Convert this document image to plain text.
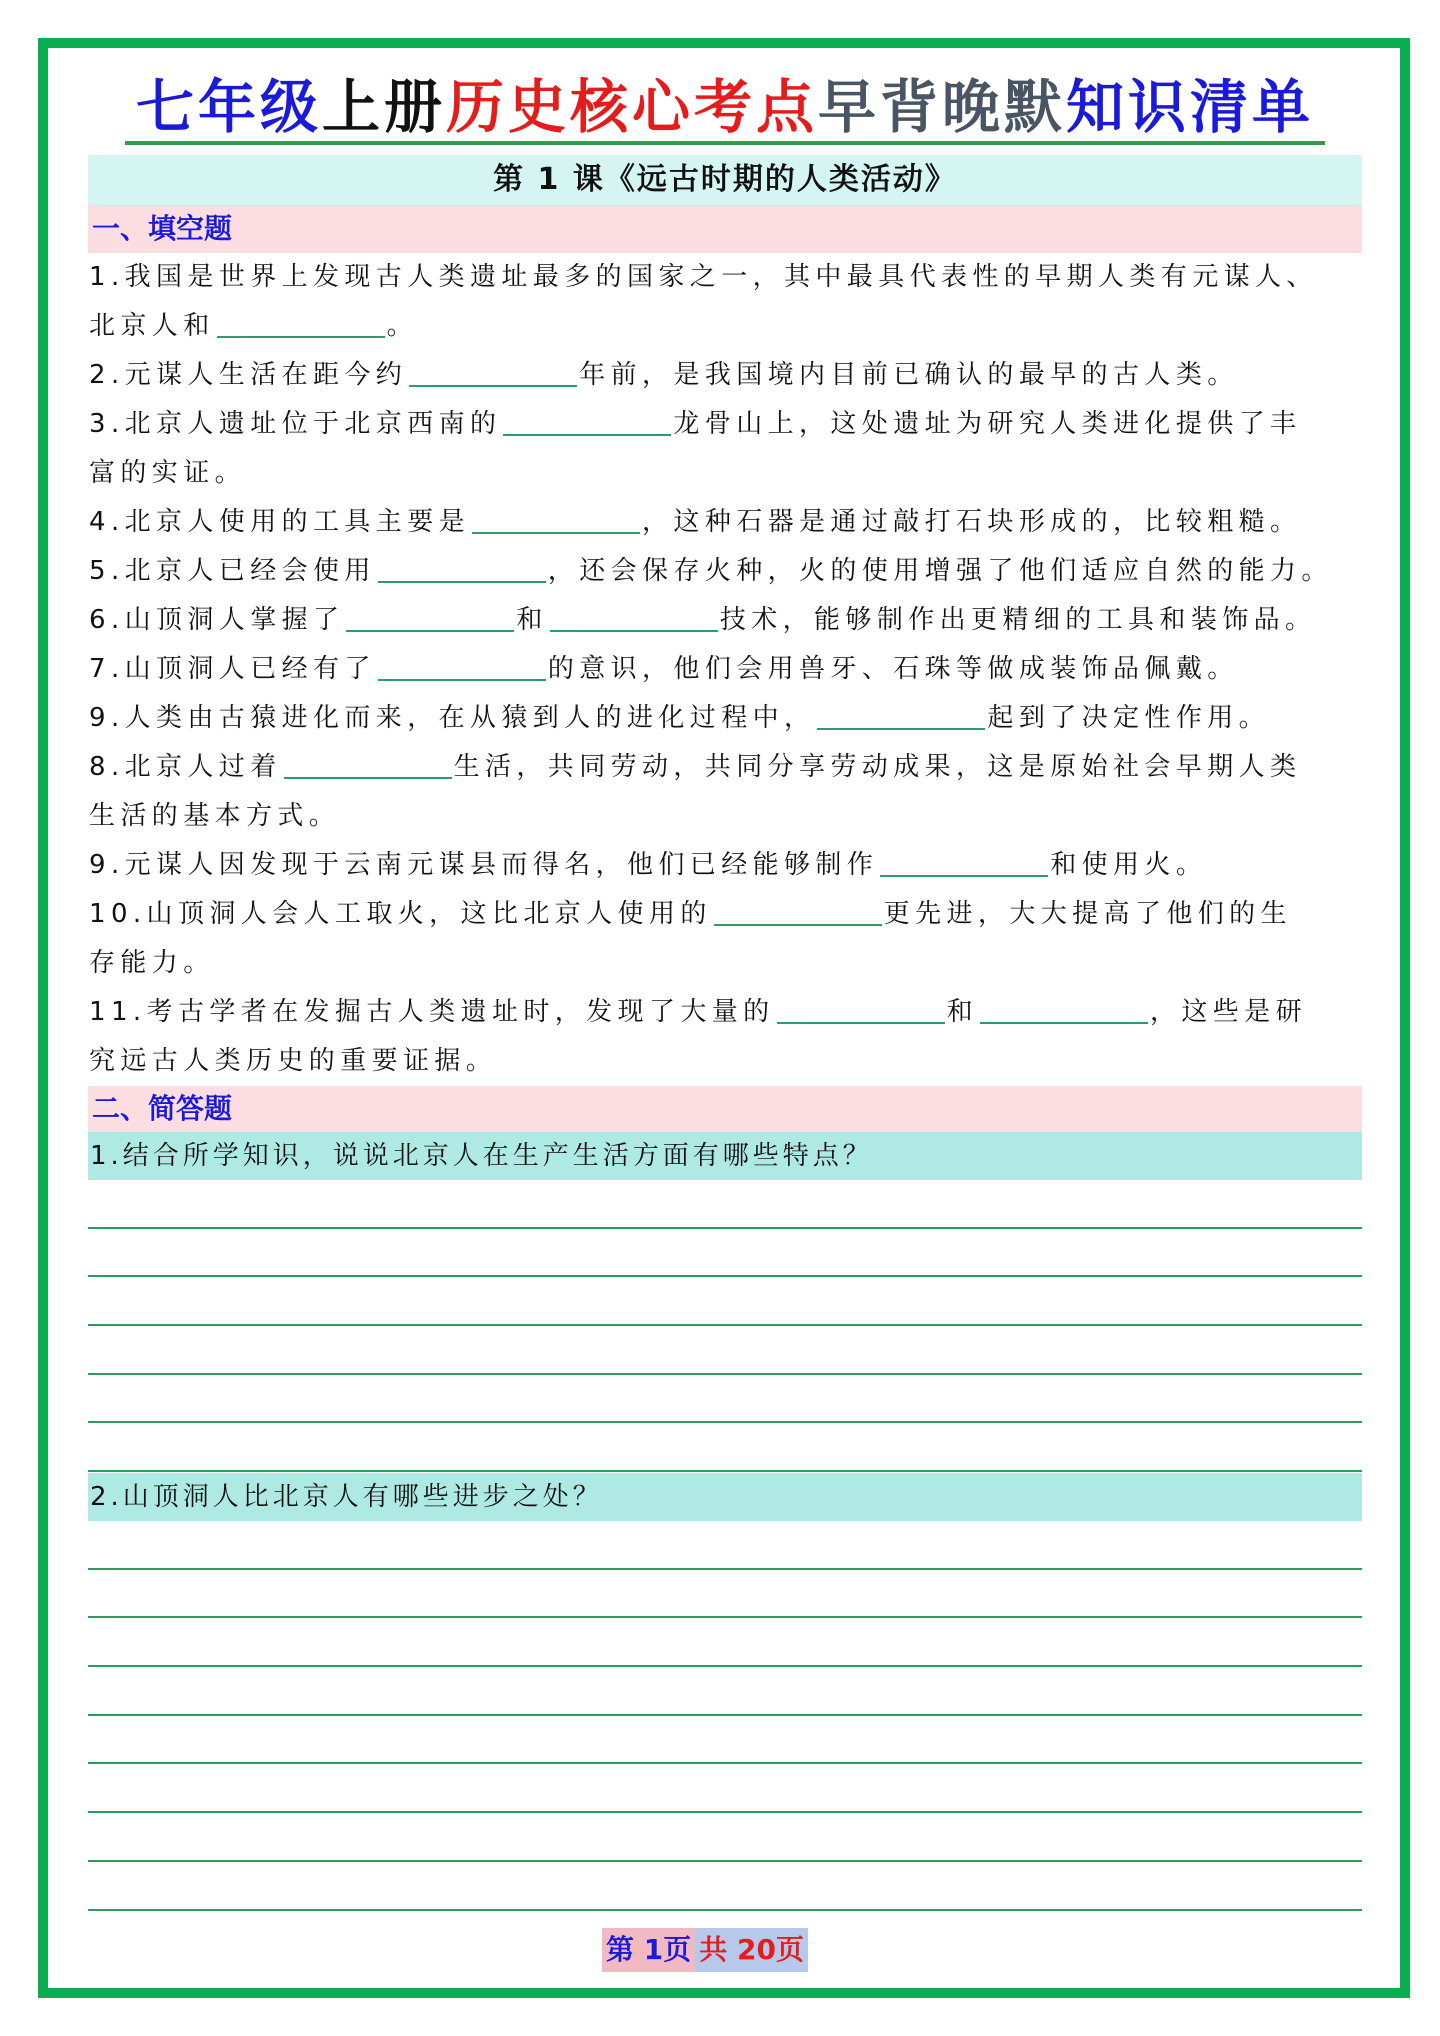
七年级上册历史核心考点早背晚默知识清单
第 1 课《远古时期的人类活动》
一、填空题
1.我国是世界上发现古人类遗址最多的国家之一，其中最具代表性的早期人类有元谋人、
北京人和	。
2.元谋人生活在距今约	年前，是我国境内目前已确认的最早的古人类。
3.北京人遗址位于北京西南的	龙骨山上，这处遗址为研究人类进化提供了丰
富的实证。
4.北京人使用的工具主要是	，这种石器是通过敲打石块形成的，比较粗糙。
5.北京人已经会使用	，还会保存火种，火的使用增强了他们适应自然的能力。
6.山顶洞人掌握了	和	技术，能够制作出更精细的工具和装饰品。
7.山顶洞人已经有了	的意识，他们会用兽牙、石珠等做成装饰品佩戴。
9.人类由古猿进化而来，在从猿到人的进化过程中，	起到了决定性作用。
8.北京人过着	生活，共同劳动，共同分享劳动成果，这是原始社会早期人类
生活的基本方式。
9.元谋人因发现于云南元谋县而得名，他们已经能够制作	和使用火。
10.山顶洞人会人工取火，这比北京人使用的	更先进，大大提高了他们的生
存能力。
11.考古学者在发掘古人类遗址时，发现了大量的	和	，这些是研
究远古人类历史的重要证据。
二、简答题
1.结合所学知识，说说北京人在生产生活方面有哪些特点？
2.山顶洞人比北京人有哪些进步之处？
第 1页 共 20页
